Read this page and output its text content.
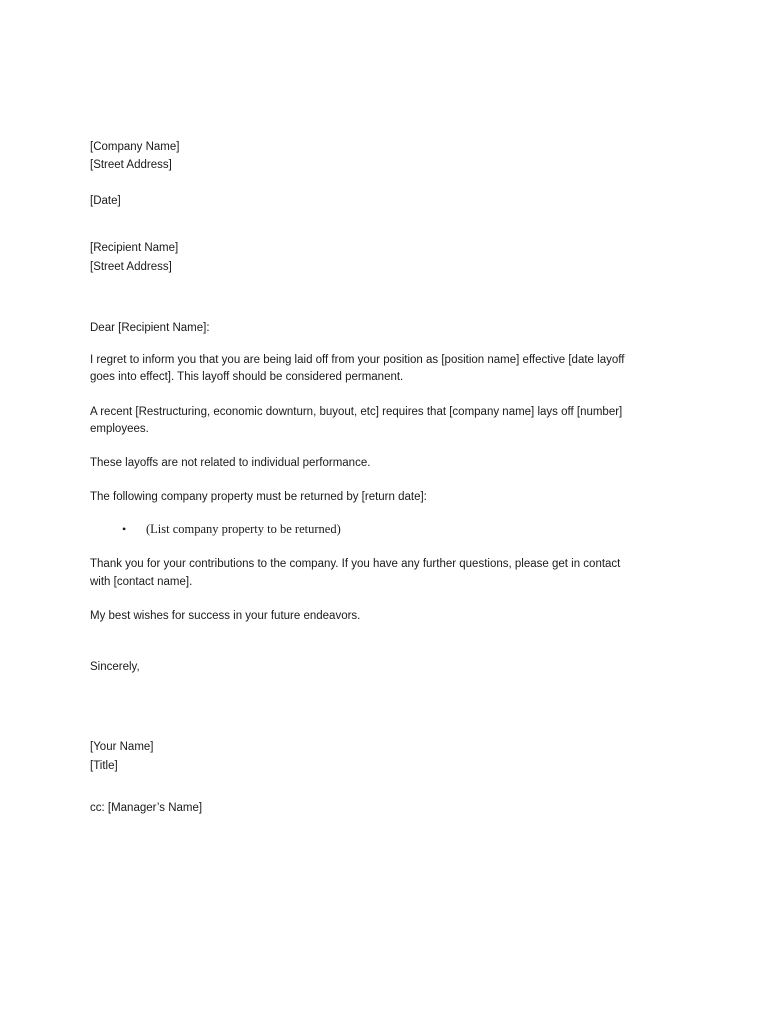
[Company Name]

[Street Address]

[Date]

[Recipient Name]

[Street Address]

Dear [Recipient Name]:

I regret to inform you that you are being laid off from your position as [position name] effective [date layoff

goes into effect]. This layoff should be considered permanent.

A recent [Restructuring, economic downturn, buyout, etc] requires that [company name] lays off [number]

employees.

These layoffs are not related to individual performance.

The following company property must be returned by [return date]:

• (List company property to be returned)

Thank you for your contributions to the company. If you have any further questions, please get in contact

with [contact name].

My best wishes for success in your future endeavors.

Sincerely,

[Your Name]

[Title]

cc: [Manager’s Name]
